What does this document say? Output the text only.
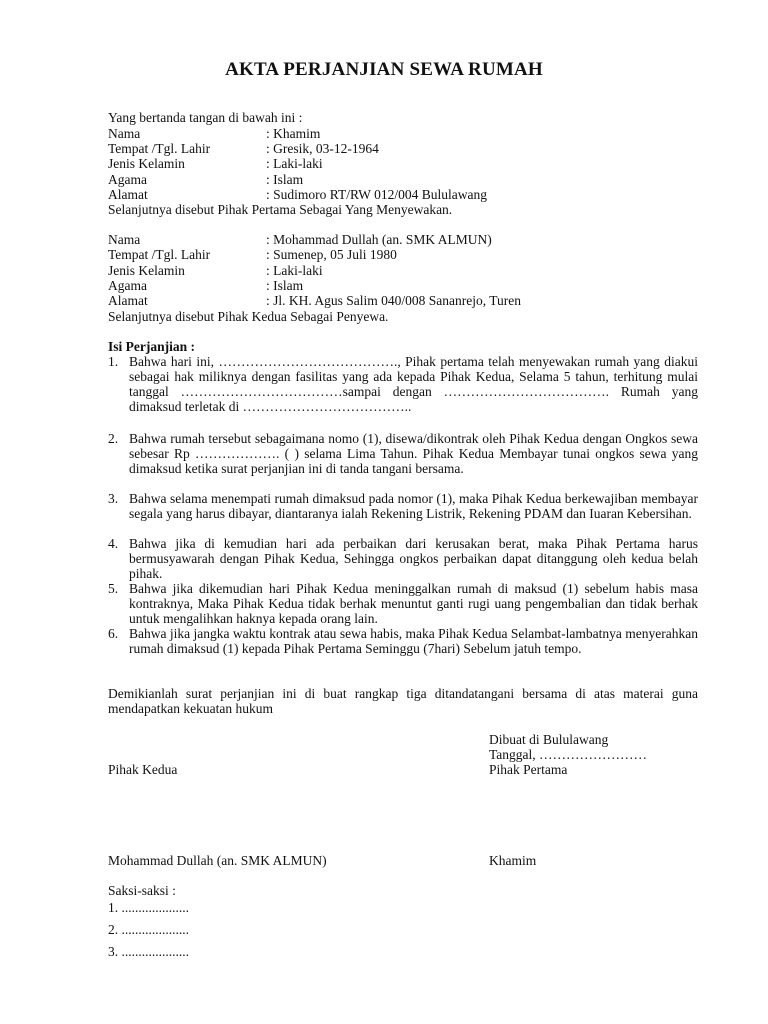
AKTA PERJANJIAN SEWA RUMAH
Yang bertanda tangan di bawah ini :
Nama	: Khamim
Tempat /Tgl. Lahir	: Gresik, 03-12-1964
Jenis Kelamin	: Laki-laki
Agama	: Islam
Alamat	: Sudimoro RT/RW 012/004 Bululawang
Selanjutnya disebut Pihak Pertama Sebagai Yang Menyewakan.
Nama	: Mohammad Dullah (an. SMK ALMUN)
Tempat /Tgl. Lahir	: Sumenep, 05 Juli 1980
Jenis Kelamin	: Laki-laki
Agama	: Islam
Alamat	: Jl. KH. Agus Salim 040/008 Sananrejo, Turen
Selanjutnya disebut Pihak Kedua Sebagai Penyewa.
Isi Perjanjian :
1. Bahwa hari ini, …………………………………., Pihak pertama telah menyewakan rumah yang diakui sebagai hak miliknya dengan fasilitas yang ada kepada Pihak Kedua, Selama 5 tahun, terhitung mulai tanggal ………………………………sampai dengan ………………………………. Rumah yang dimaksud terletak di ………………………………..
2. Bahwa rumah tersebut sebagaimana nomo (1), disewa/dikontrak oleh Pihak Kedua dengan Ongkos sewa sebesar Rp ………………. ( ) selama Lima Tahun. Pihak Kedua Membayar tunai ongkos sewa yang dimaksud ketika surat perjanjian ini di tanda tangani bersama.
3. Bahwa selama menempati rumah dimaksud pada nomor (1), maka Pihak Kedua berkewajiban membayar segala yang harus dibayar, diantaranya ialah Rekening Listrik, Rekening PDAM dan Iuaran Kebersihan.
4. Bahwa jika di kemudian hari ada perbaikan dari kerusakan berat, maka Pihak Pertama harus bermusyawarah dengan Pihak Kedua, Sehingga ongkos perbaikan dapat ditanggung oleh kedua belah pihak.
5. Bahwa jika dikemudian hari Pihak Kedua meninggalkan rumah di maksud (1) sebelum habis masa kontraknya, Maka Pihak Kedua tidak berhak menuntut ganti rugi uang pengembalian dan tidak berhak untuk mengalihkan haknya kepada orang lain.
6. Bahwa jika jangka waktu kontrak atau sewa habis, maka Pihak Kedua Selambat-lambatnya menyerahkan rumah dimaksud (1) kepada Pihak Pertama Seminggu (7hari) Sebelum jatuh tempo.
Demikianlah surat perjanjian ini di buat rangkap tiga ditandatangani bersama di atas materai guna mendapatkan kekuatan hukum
Dibuat di Bululawang
Tanggal, ……………………
Pihak Kedua	Pihak Pertama
Mohammad Dullah (an. SMK ALMUN)	Khamim
Saksi-saksi :
1. ....................
2. ....................
3. ....................
